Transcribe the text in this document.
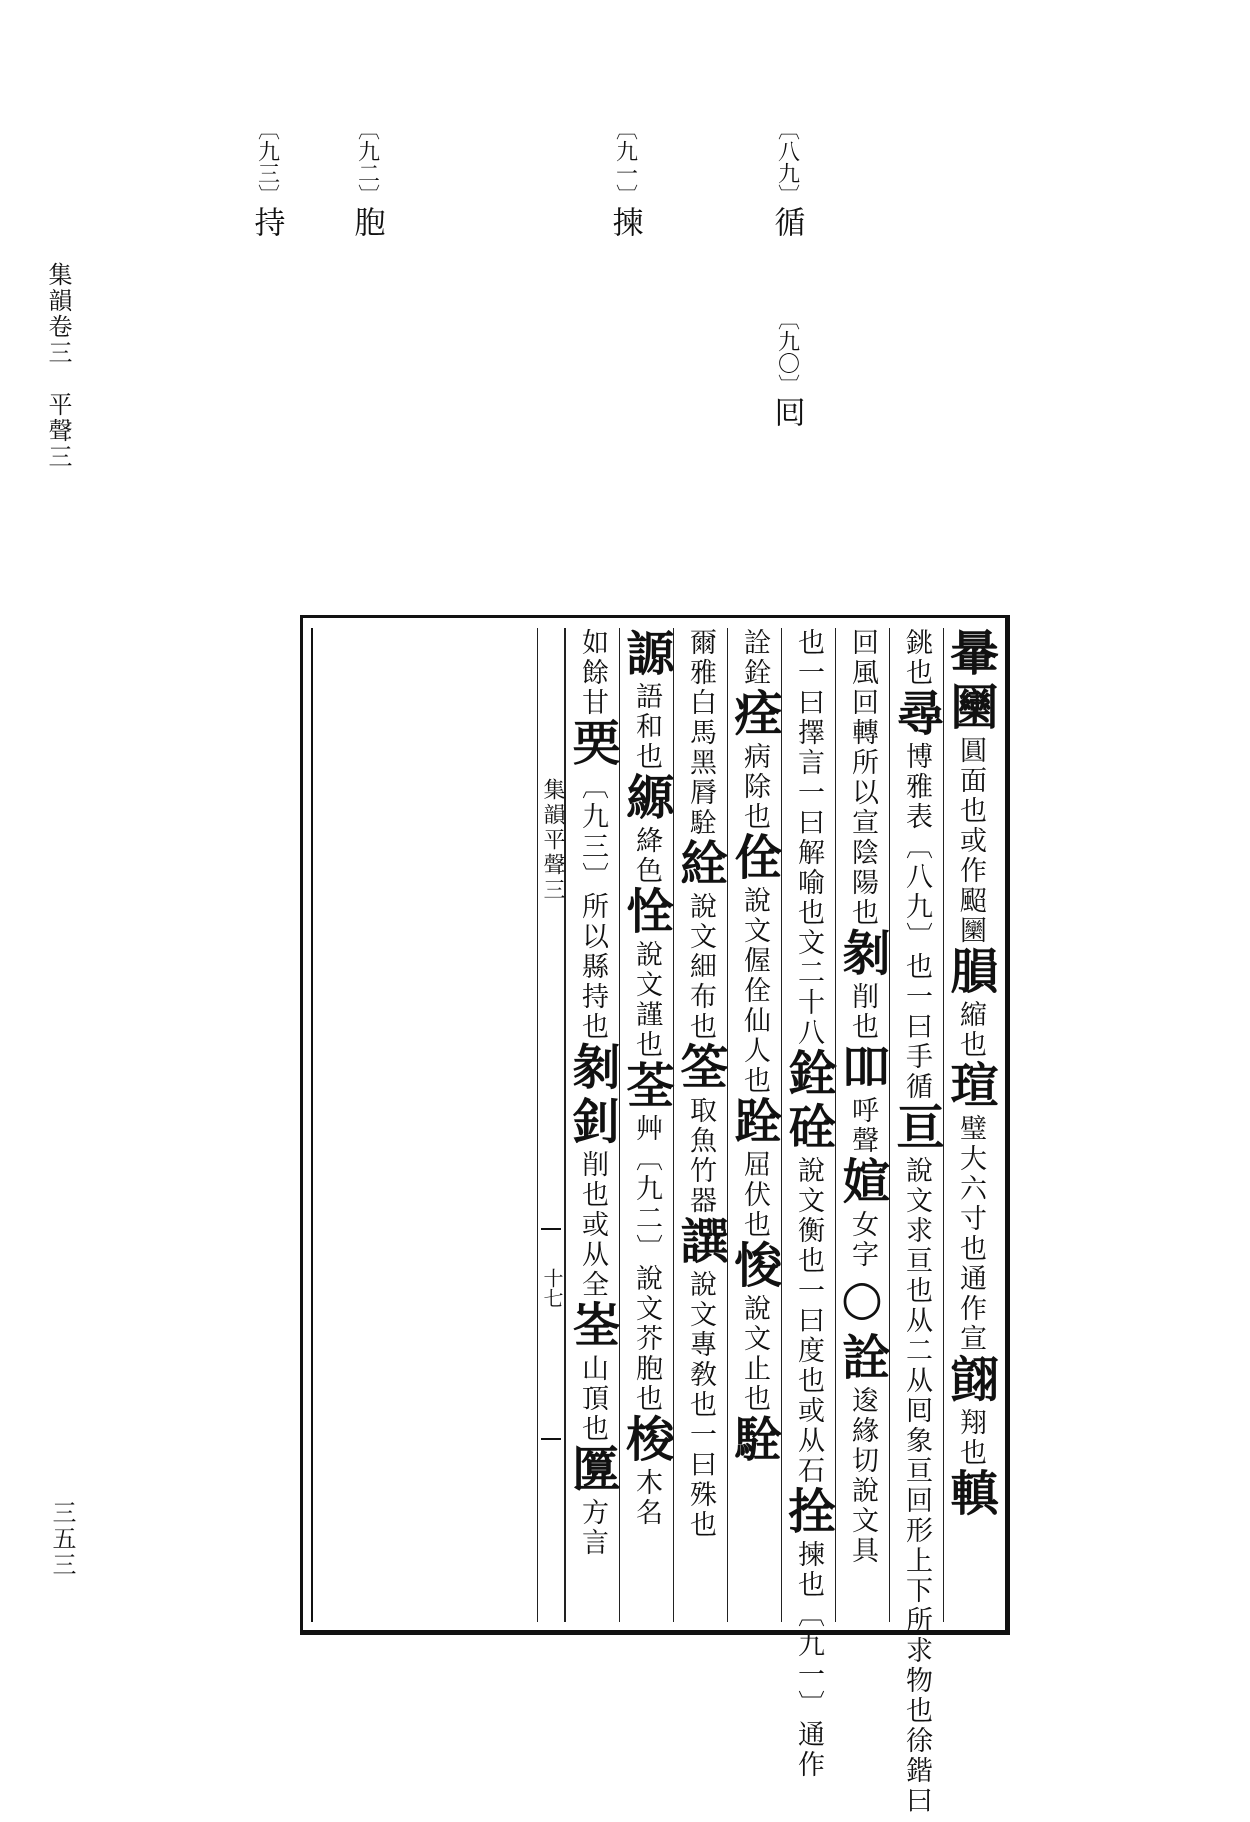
集韻卷三平聲三
三五三
〔八九〕循
〔九〇〕囘
〔九一〕揀
〔九二〕胞
〔九三〕持
䡞圞圓面也或作䫿圞䐣縮也瑄璧大六寸也通作宣翧翔也䡩
銚也尋博雅表〔八九〕也一曰手循亘說文求亘也从二从囘象亘回形上下所求物也徐鍇曰
回風回轉所以宣陰陽也剶削也吅呼聲媗女字○詮逡緣切說文具
也一曰擇言一曰解喻也文二十八銓硂說文衡也一曰度也或从石拴揀也〔九一〕通作
詮銓痊病除也佺說文偓佺仙人也跧屈伏也悛說文止也駩
爾雅白馬黑脣駩絟說文細布也筌取魚竹器譔說文專敎也一曰殊也
謜語和也縓絳色恮說文謹也荃艸〔九二〕說文芥胞也梭木名
如餘甘䙲〔九三〕所以縣持也剶釗削也或从全峑山頂也匴方言
集韻平聲三
十七
